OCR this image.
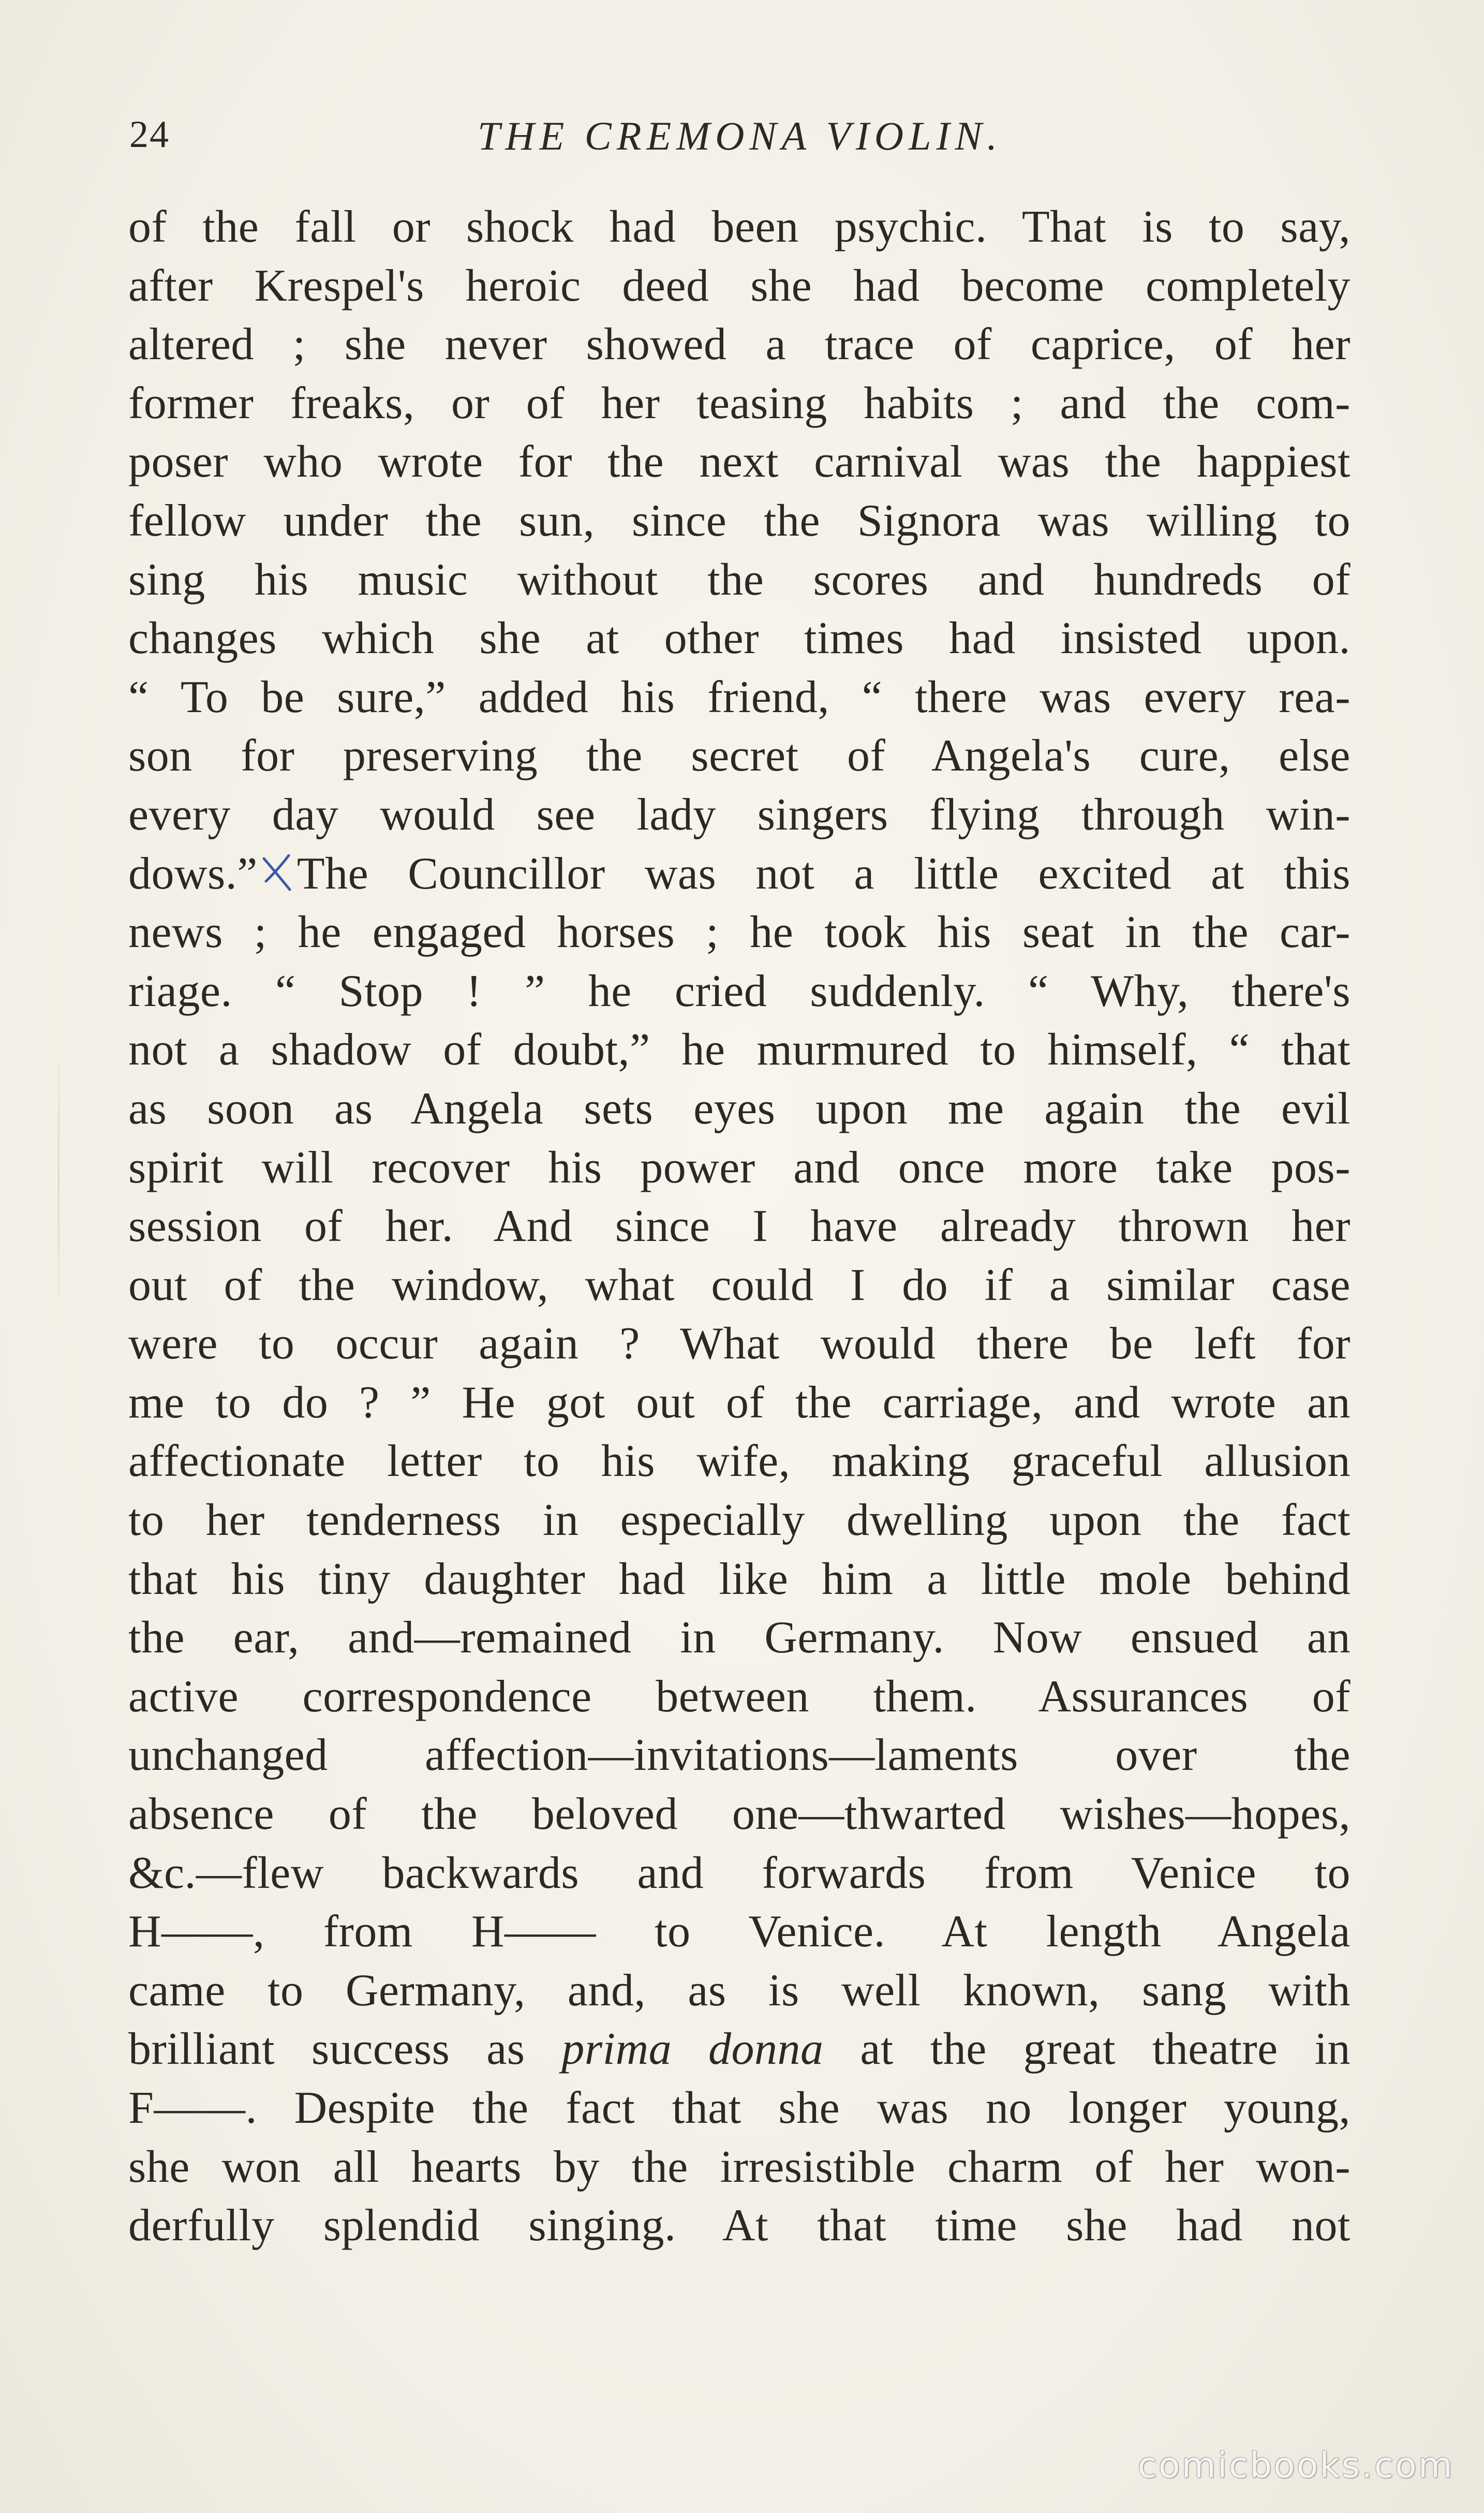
24	THE CREMONA VIOLIN.
of the fall or shock had been psychic. That is to say,
after Krespel's heroic deed she had become completely
altered ; she never showed a trace of caprice, of her
former freaks, or of her teasing habits ; and the com-
poser who wrote for the next carnival was the happiest
fellow under the sun, since the Signora was willing to
sing his music without the scores and hundreds of
changes which she at other times had insisted upon.
“ To be sure,” added his friend, “ there was every rea-
son for preserving the secret of Angela's cure, else
every day would see lady singers flying through win-
dows.” The Councillor was not a little excited at this
news ; he engaged horses ; he took his seat in the car-
riage. “ Stop ! ” he cried suddenly. “ Why, there's
not a shadow of doubt,” he murmured to himself, “ that
as soon as Angela sets eyes upon me again the evil
spirit will recover his power and once more take pos-
session of her. And since I have already thrown her
out of the window, what could I do if a similar case
were to occur again ? What would there be left for
me to do ? ” He got out of the carriage, and wrote an
affectionate letter to his wife, making graceful allusion
to her tenderness in especially dwelling upon the fact
that his tiny daughter had like him a little mole behind
the ear, and—remained in Germany. Now ensued an
active correspondence between them. Assurances of
unchanged affection—invitations—laments over the
absence of the beloved one—thwarted wishes—hopes,
&c.—flew backwards and forwards from Venice to
H——, from H—— to Venice. At length Angela
came to Germany, and, as is well known, sang with
brilliant success as prima donna at the great theatre in
F——. Despite the fact that she was no longer young,
she won all hearts by the irresistible charm of her won-
derfully splendid singing. At that time she had not
comicbooks.com
